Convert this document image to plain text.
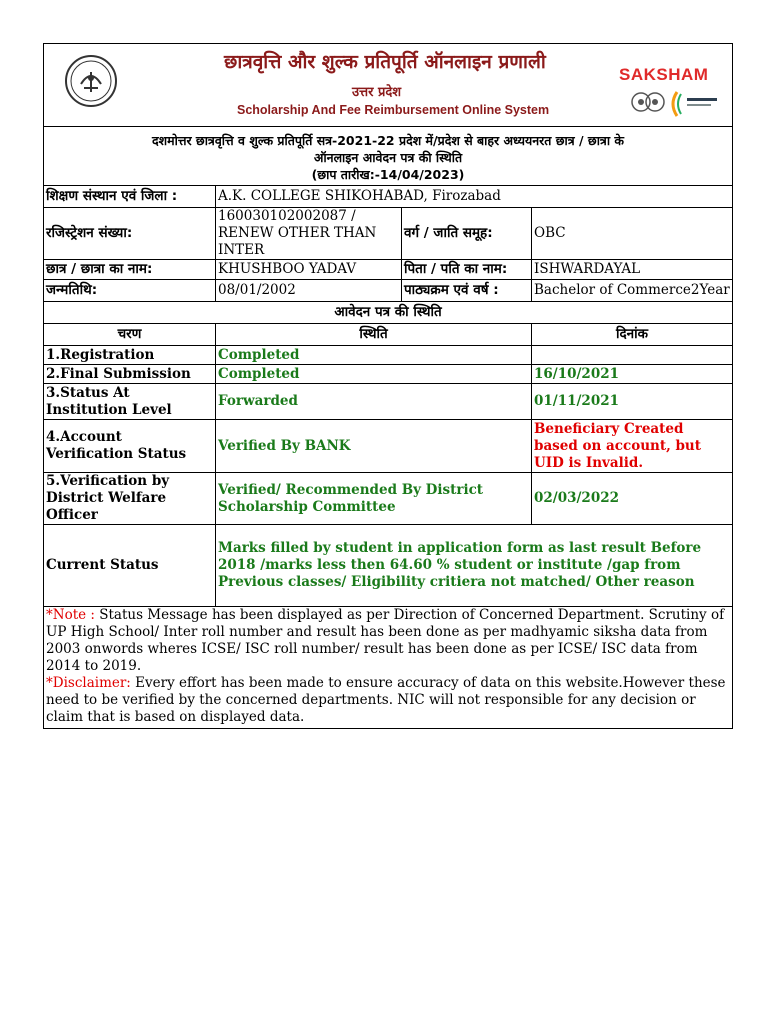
छात्रवृत्ति और शुल्क प्रतिपूर्ति ऑनलाइन प्रणाली
उत्तर प्रदेश
Scholarship And Fee Reimbursement Online System
SAKSHAM			

दशमोत्तर छात्रवृत्ति व शुल्क प्रतिपूर्ति सत्र-2021-22 प्रदेश में/प्रदेश से बाहर अध्ययनरत छात्र / छात्रा के
ऑनलाइन आवेदन पत्र की स्थिति
(छाप तारीख:-14/04/2023)			

शिक्षण संस्थान एवं जिला :	A.K. COLLEGE SHIKOHABAD, Firozabad		
रजिस्ट्रेशन संख्या:	160030102002087 / RENEW OTHER THAN INTER	वर्ग / जाति समूह:	OBC
छात्र / छात्रा का नाम:	KHUSHBOO YADAV	पिता / पति का नाम:	ISHWARDAYAL
जन्मतिथि:	08/01/2002	पाठ्यक्रम एवं वर्ष :	Bachelor of Commerce2Year
आवेदन पत्र की स्थिति			
चरण	स्थिति		दिनांक
1.Registration	Completed		
2.Final Submission	Completed		16/10/2021
3.Status At Institution Level	Forwarded		01/11/2021
4.Account Verification Status	Verified By BANK		Beneficiary Created based on account, but UID is Invalid.
5.Verification by District Welfare Officer	Verified/ Recommended By District Scholarship Committee		02/03/2022
Current Status	Marks filled by student in application form as last result Before 2018 /marks less then 64.60 % student or institute /gap from Previous classes/ Eligibility critiera not matched/ Other reason		

*Note : Status Message has been displayed as per Direction of Concerned Department. Scrutiny of UP High School/ Inter roll number and result has been done as per madhyamic siksha data from 2003 onwords wheres ICSE/ ISC roll number/ result has been done as per ICSE/ ISC data from 2014 to 2019.
*Disclaimer: Every effort has been made to ensure accuracy of data on this website.However these need to be verified by the concerned departments. NIC will not responsible for any decision or claim that is based on displayed data.			
